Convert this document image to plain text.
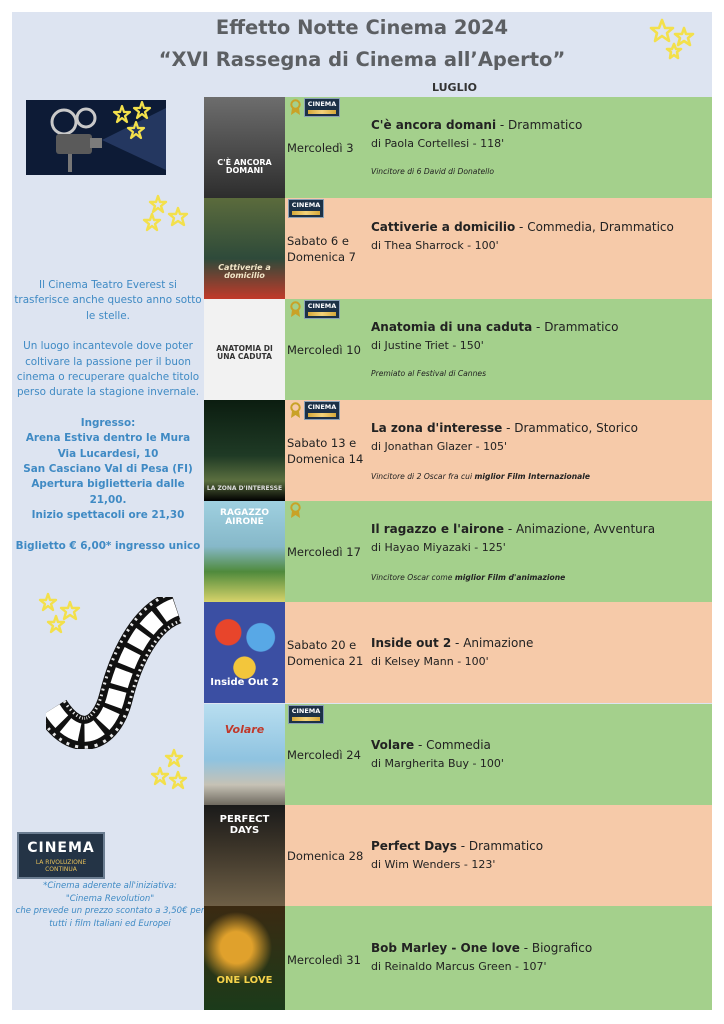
Effetto Notte Cinema 2024
“XVI Rassegna di Cinema all’Aperto”
LUGLIO

Il Cinema Teatro Everest si trasferisce anche questo anno sotto le stelle.

Un luogo incantevole dove poter coltivare la passione per il buon cinema o recuperare qualche titolo perso durate la stagione invernale.

Ingresso:
Arena Estiva dentro le Mura
Via Lucardesi, 10
San Casciano Val di Pesa (FI)
Apertura biglietteria dalle 21,00.
Inizio spettacoli ore 21,30
Biglietto € 6,00* ingresso unico
CINEMA
LA RIVOLUZIONE CONTINUA
*Cinema aderente all'iniziativa:
"Cinema Revolution"
che prevede un prezzo scontato a 3,50€ per tutti i film Italiani ed Europei
C'È ANCORA DOMANI
CINEMA
Mercoledì 3
C'è ancora domani - Drammatico
di Paola Cortellesi - 118'
Vincitore di 6 David di Donatello
Cattiverie a domicilio
CINEMA
Sabato 6 e Domenica 7
Cattiverie a domicilio - Commedia, Drammatico
di Thea Sharrock - 100'
ANATOMIA DI UNA CADUTA
CINEMA
Mercoledì 10
Anatomia di una caduta - Drammatico
di Justine Triet - 150'
Premiato al Festival di Cannes
LA ZONA D'INTERESSE
CINEMA
Sabato 13 e Domenica 14
La zona d'interesse - Drammatico, Storico
di Jonathan Glazer - 105'
Vincitore di 2 Oscar fra cui miglior Film Internazionale
RAGAZZO AIRONE
Mercoledì 17
Il ragazzo e l'airone - Animazione, Avventura
di Hayao Miyazaki - 125'
Vincitore Oscar come miglior Film d'animazione
Inside Out 2
Sabato 20 e Domenica 21
Inside out 2 - Animazione
di Kelsey Mann - 100'
Volare
CINEMA
Mercoledì 24
Volare - Commedia
di Margherita Buy - 100'
PERFECT DAYS
Domenica 28
Perfect Days - Drammatico
di Wim Wenders - 123'
ONE LOVE
Mercoledì 31
Bob Marley - One love - Biografico
di Reinaldo Marcus Green - 107'
